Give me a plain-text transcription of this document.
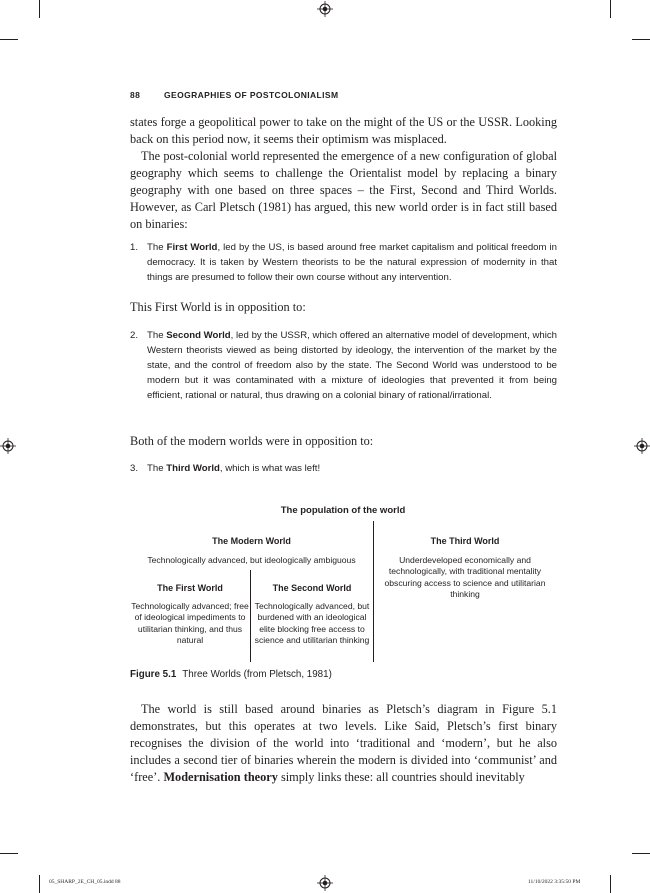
88	GEOGRAPHIES OF POSTCOLONIALISM

states forge a geopolitical power to take on the might of the US or the USSR. Looking back on this period now, it seems their optimism was misplaced.

The post-colonial world represented the emergence of a new configuration of global geography which seems to challenge the Orientalist model by replacing a binary geography with one based on three spaces – the First, Second and Third Worlds. However, as Carl Pletsch (1981) has argued, this new world order is in fact still based on binaries:

1. The First World, led by the US, is based around free market capitalism and political freedom in democracy. It is taken by Western theorists to be the natural expression of modernity in that things are presumed to follow their own course without any intervention.

This First World is in opposition to:

2. The Second World, led by the USSR, which offered an alternative model of development, which Western theorists viewed as being distorted by ideology, the intervention of the market by the state, and the control of freedom also by the state. The Second World was understood to be modern but it was contaminated with a mixture of ideologies that prevented it from being efficient, rational or natural, thus drawing on a colonial binary of rational/irrational.

Both of the modern worlds were in opposition to:

3. The Third World, which is what was left!
The population of the world
The Modern World
Technologically advanced, but ideologically ambiguous
The Third World
Underdeveloped economically and technologically, with traditional mentality obscuring access to science and utilitarian thinking
The First World
Technologically advanced; free of ideological impediments to utilitarian thinking, and thus natural
The Second World
Technologically advanced, but burdened with an ideological elite blocking free access to science and utilitarian thinking
Figure 5.1 Three Worlds (from Pletsch, 1981)

The world is still based around binaries as Pletsch’s diagram in Figure 5.1 demonstrates, but this operates at two levels. Like Said, Pletsch’s first binary recognises the division of the world into ‘traditional and ‘modern’, but he also includes a second tier of binaries wherein the modern is divided into ‘communist’ and ‘free’. Modernisation theory simply links these: all countries should inevitably

05_SHARP_2E_CH_05.indd 88	11/10/2022 3:35:50 PM
